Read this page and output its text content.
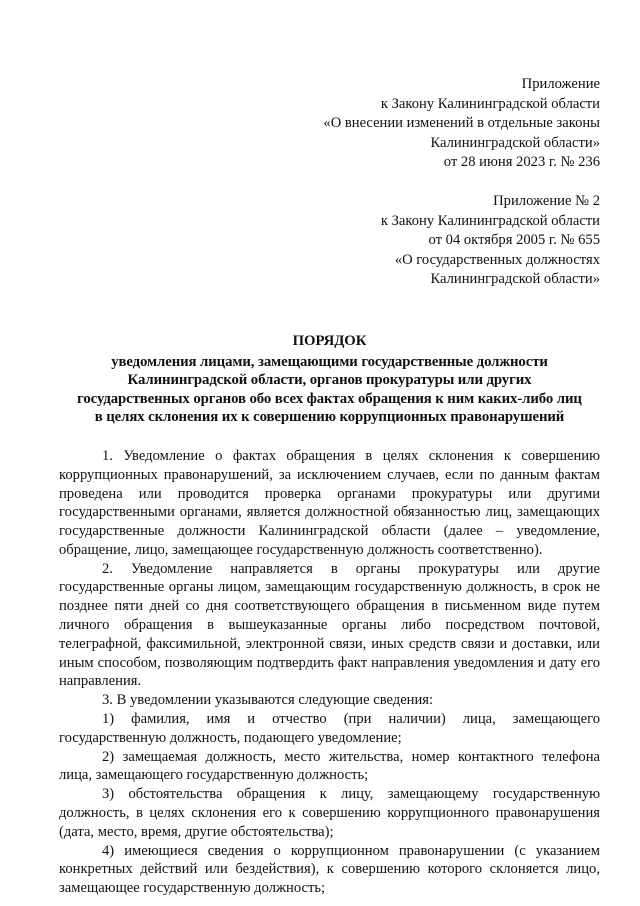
Приложение

к Закону Калининградской области

«О внесении изменений в отдельные законы

Калининградской области»

от 28 июня 2023 г. № 236

Приложение № 2

к Закону Калининградской области

от 04 октября 2005 г. № 655

«О государственных должностях

Калининградской области»

ПОРЯДОК

уведомления лицами, замещающими государственные должности

Калининградской области, органов прокуратуры или других

государственных органов обо всех фактах обращения к ним каких-либо лиц

в целях склонения их к совершению коррупционных правонарушений

1. Уведомление о фактах обращения в целях склонения к совершению коррупционных правонарушений, за исключением случаев, если по данным фактам проведена или проводится проверка органами прокуратуры или другими государственными органами, является должностной обязанностью лиц, замещающих государственные должности Калининградской области (далее – уведомление, обращение, лицо, замещающее государственную должность соответственно).

2. Уведомление направляется в органы прокуратуры или другие государственные органы лицом, замещающим государственную должность, в срок не позднее пяти дней со дня соответствующего обращения в письменном виде путем личного обращения в вышеуказанные органы либо посредством почтовой, телеграфной, факсимильной, электронной связи, иных средств связи и доставки, или иным способом, позволяющим подтвердить факт направления уведомления и дату его направления.

3. В уведомлении указываются следующие сведения:

1) фамилия, имя и отчество (при наличии) лица, замещающего государственную должность, подающего уведомление;

2) замещаемая должность, место жительства, номер контактного телефона лица, замещающего государственную должность;

3) обстоятельства обращения к лицу, замещающему государственную должность, в целях склонения его к совершению коррупционного правонарушения (дата, место, время, другие обстоятельства);

4) имеющиеся сведения о коррупционном правонарушении (с указанием конкретных действий или бездействия), к совершению которого склоняется лицо, замещающее государственную должность;
